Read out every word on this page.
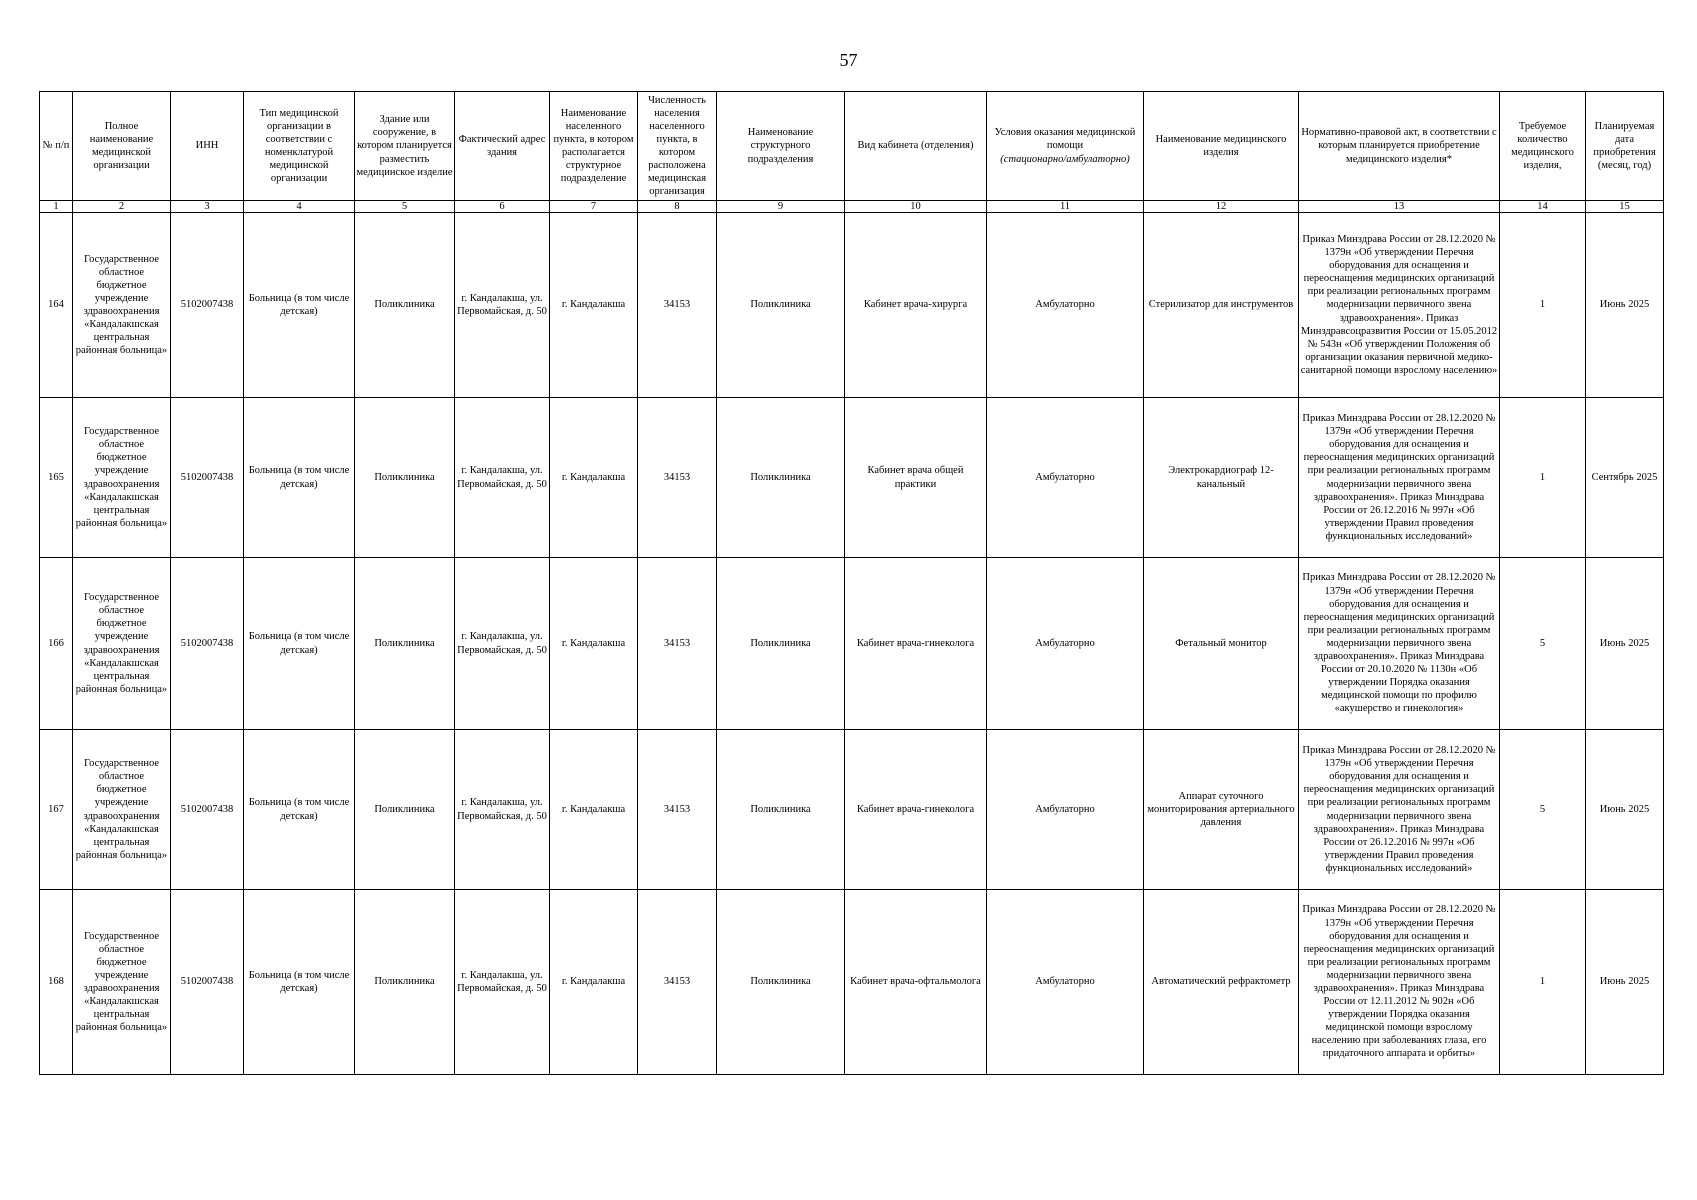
57
№ п/п	Полное наименование медицинской организации	ИНН	Тип медицинской организации в соответствии с номенклатурой медицинской организации	Здание или сооружение, в котором планируется разместить медицинское изделие	Фактический адрес здания	Наименование населенного пункта, в котором располагается структурное подразделение	Численность населения населенного пункта, в котором расположена медицинская организация	Наименование структурного подразделения	Вид кабинета (отделения)	Условия оказания медицинской помощи
(стационарно/амбулаторно)	Наименование медицинского изделия	Нормативно-правовой акт, в соответствии с которым планируется приобретение медицинского изделия*	Требуемое количество медицинского изделия,	Планируемая дата приобретения (месяц, год)
1	2	3	4	5	6	7	8	9	10	11	12	13	14	15
164	Государственное областное бюджетное учреждение здравоохранения «Кандалакшская центральная районная больница»	5102007438	Больница (в том числе детская)	Поликлиника	г. Кандалакша, ул. Первомайская, д. 50	г. Кандалакша	34153	Поликлиника	Кабинет врача-хирурга	Амбулаторно	Стерилизатор для инструментов	Приказ Минздрава России от 28.12.2020 № 1379н «Об утверждении Перечня оборудования для оснащения и переоснащения медицинских организаций при реализации региональных программ модернизации первичного звена здравоохранения». Приказ Минздравсоцразвития России от 15.05.2012 № 543н «Об утверждении Положения об организации оказания первичной медико-санитарной помощи взрослому населению»	1	Июнь 2025
165	Государственное областное бюджетное учреждение здравоохранения «Кандалакшская центральная районная больница»	5102007438	Больница (в том числе детская)	Поликлиника	г. Кандалакша, ул. Первомайская, д. 50	г. Кандалакша	34153	Поликлиника	Кабинет врача общей практики	Амбулаторно	Электрокардиограф 12-канальный	Приказ Минздрава России от 28.12.2020 № 1379н «Об утверждении Перечня оборудования для оснащения и переоснащения медицинских организаций при реализации региональных программ модернизации первичного звена здравоохранения». Приказ Минздрава России от 26.12.2016 № 997н «Об утверждении Правил проведения функциональных исследований»	1	Сентябрь 2025
166	Государственное областное бюджетное учреждение здравоохранения «Кандалакшская центральная районная больница»	5102007438	Больница (в том числе детская)	Поликлиника	г. Кандалакша, ул. Первомайская, д. 50	г. Кандалакша	34153	Поликлиника	Кабинет врача-гинеколога	Амбулаторно	Фетальный монитор	Приказ Минздрава России от 28.12.2020 № 1379н «Об утверждении Перечня оборудования для оснащения и переоснащения медицинских организаций при реализации региональных программ модернизации первичного звена здравоохранения». Приказ Минздрава России от 20.10.2020 № 1130н «Об утверждении Порядка оказания медицинской помощи по профилю «акушерство и гинекология»	5	Июнь 2025
167	Государственное областное бюджетное учреждение здравоохранения «Кандалакшская центральная районная больница»	5102007438	Больница (в том числе детская)	Поликлиника	г. Кандалакша, ул. Первомайская, д. 50	г. Кандалакша	34153	Поликлиника	Кабинет врача-гинеколога	Амбулаторно	Аппарат суточного мониторирования артериального давления	Приказ Минздрава России от 28.12.2020 № 1379н «Об утверждении Перечня оборудования для оснащения и переоснащения медицинских организаций при реализации региональных программ модернизации первичного звена здравоохранения». Приказ Минздрава России от 26.12.2016 № 997н «Об утверждении Правил проведения функциональных исследований»	5	Июнь 2025
168	Государственное областное бюджетное учреждение здравоохранения «Кандалакшская центральная районная больница»	5102007438	Больница (в том числе детская)	Поликлиника	г. Кандалакша, ул. Первомайская, д. 50	г. Кандалакша	34153	Поликлиника	Кабинет врача-офтальмолога	Амбулаторно	Автоматический рефрактометр	Приказ Минздрава России от 28.12.2020 № 1379н «Об утверждении Перечня оборудования для оснащения и переоснащения медицинских организаций при реализации региональных программ модернизации первичного звена здравоохранения». Приказ Минздрава России от 12.11.2012 № 902н «Об утверждении Порядка оказания медицинской помощи взрослому населению при заболеваниях глаза, его придаточного аппарата и орбиты»	1	Июнь 2025
